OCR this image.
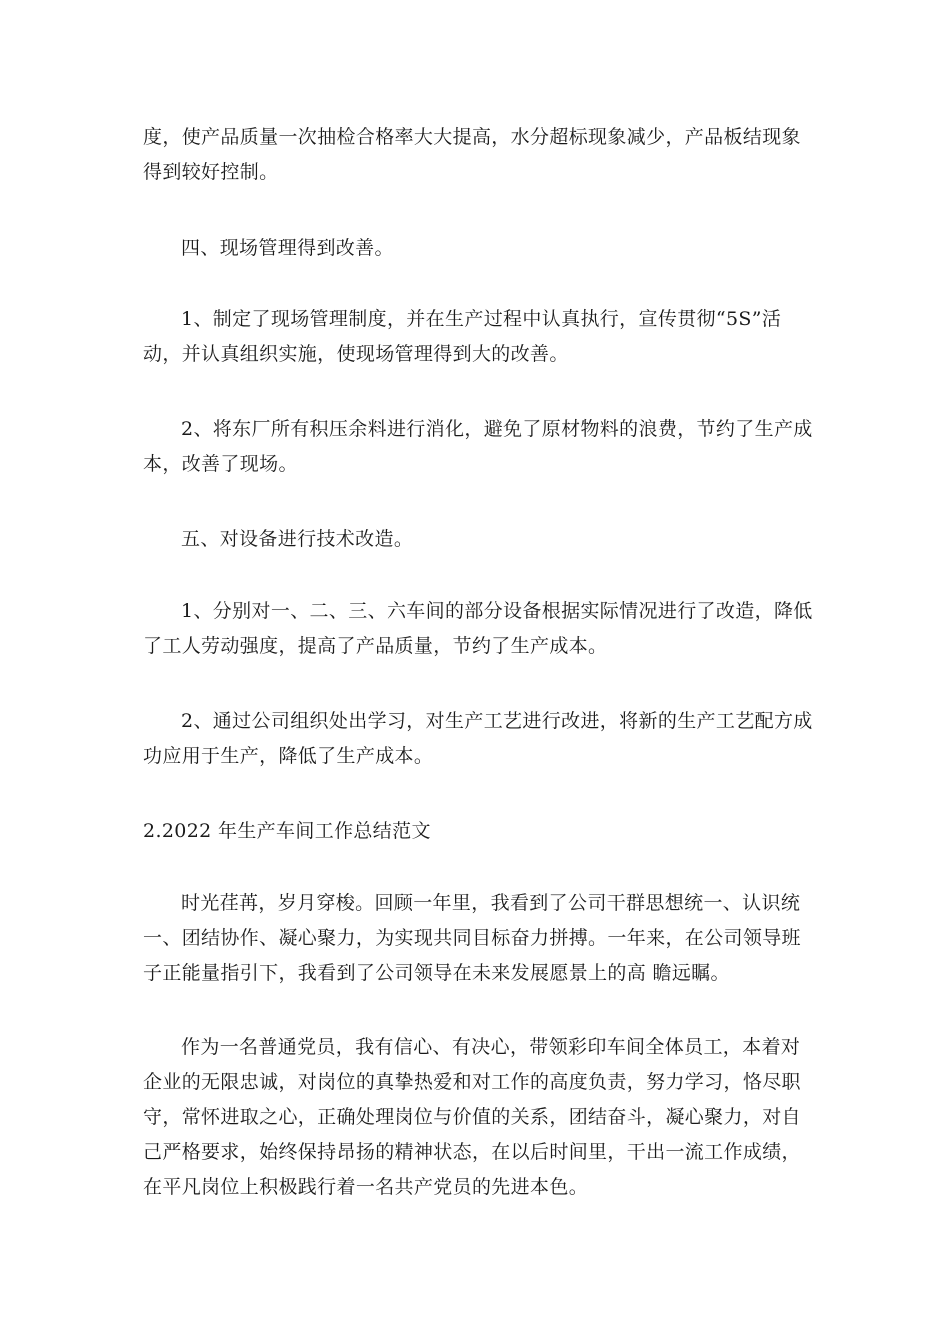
度，使产品质量一次抽检合格率大大提高，水分超标现象减少，产品板结现象得到较好控制。

四、现场管理得到改善。

1、制定了现场管理制度，并在生产过程中认真执行，宣传贯彻“5S”活动，并认真组织实施，使现场管理得到大的改善。

2、将东厂所有积压余料进行消化，避免了原材物料的浪费，节约了生产成本，改善了现场。

五、对设备进行技术改造。

1、分别对一、二、三、六车间的部分设备根据实际情况进行了改造，降低了工人劳动强度，提高了产品质量，节约了生产成本。

2、通过公司组织处出学习，对生产工艺进行改进，将新的生产工艺配方成功应用于生产，降低了生产成本。

2.2022 年生产车间工作总结范文

时光荏苒，岁月穿梭。回顾一年里，我看到了公司干群思想统一、认识统一、团结协作、凝心聚力，为实现共同目标奋力拼搏。一年来，在公司领导班子正能量指引下，我看到了公司领导在未来发展愿景上的高 瞻远瞩。

作为一名普通党员，我有信心、有决心，带领彩印车间全体员工，本着对企业的无限忠诚，对岗位的真挚热爱和对工作的高度负责，努力学习，恪尽职守，常怀进取之心，正确处理岗位与价值的关系，团结奋斗，凝心聚力，对自己严格要求，始终保持昂扬的精神状态，在以后时间里，干出一流工作成绩，在平凡岗位上积极践行着一名共产党员的先进本色。
